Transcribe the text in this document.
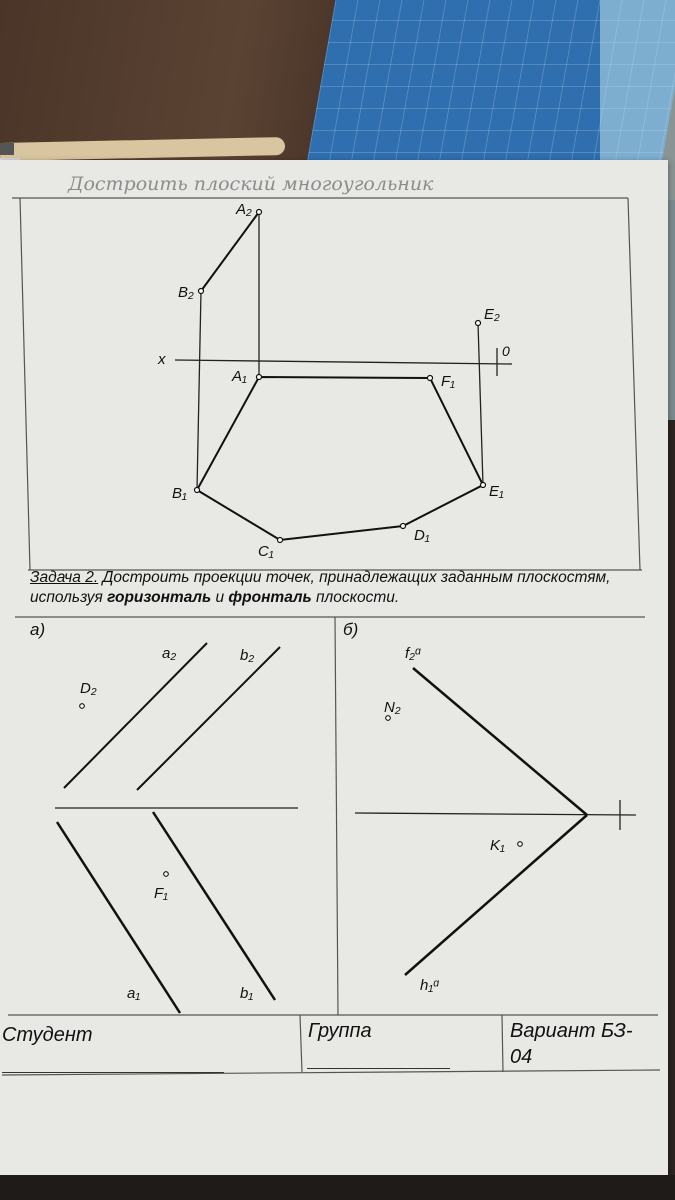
Достроить плоский многоугольник
x	0
A₂
B₂
E₂
A₁	F₁
B₁	E₁
C₁
D₁
а)
a₂	b₂
a₁	b₁
D₂
F₁
б)
f₂ᵅ
h₁ᵅ
N₂
K₁
Задача 2. Достроить проекции точек, принадлежащих заданным плоскостям, используя горизонтaль и фронтaль плоскости.
Студент	Группа	Вариант БЗ-
04
